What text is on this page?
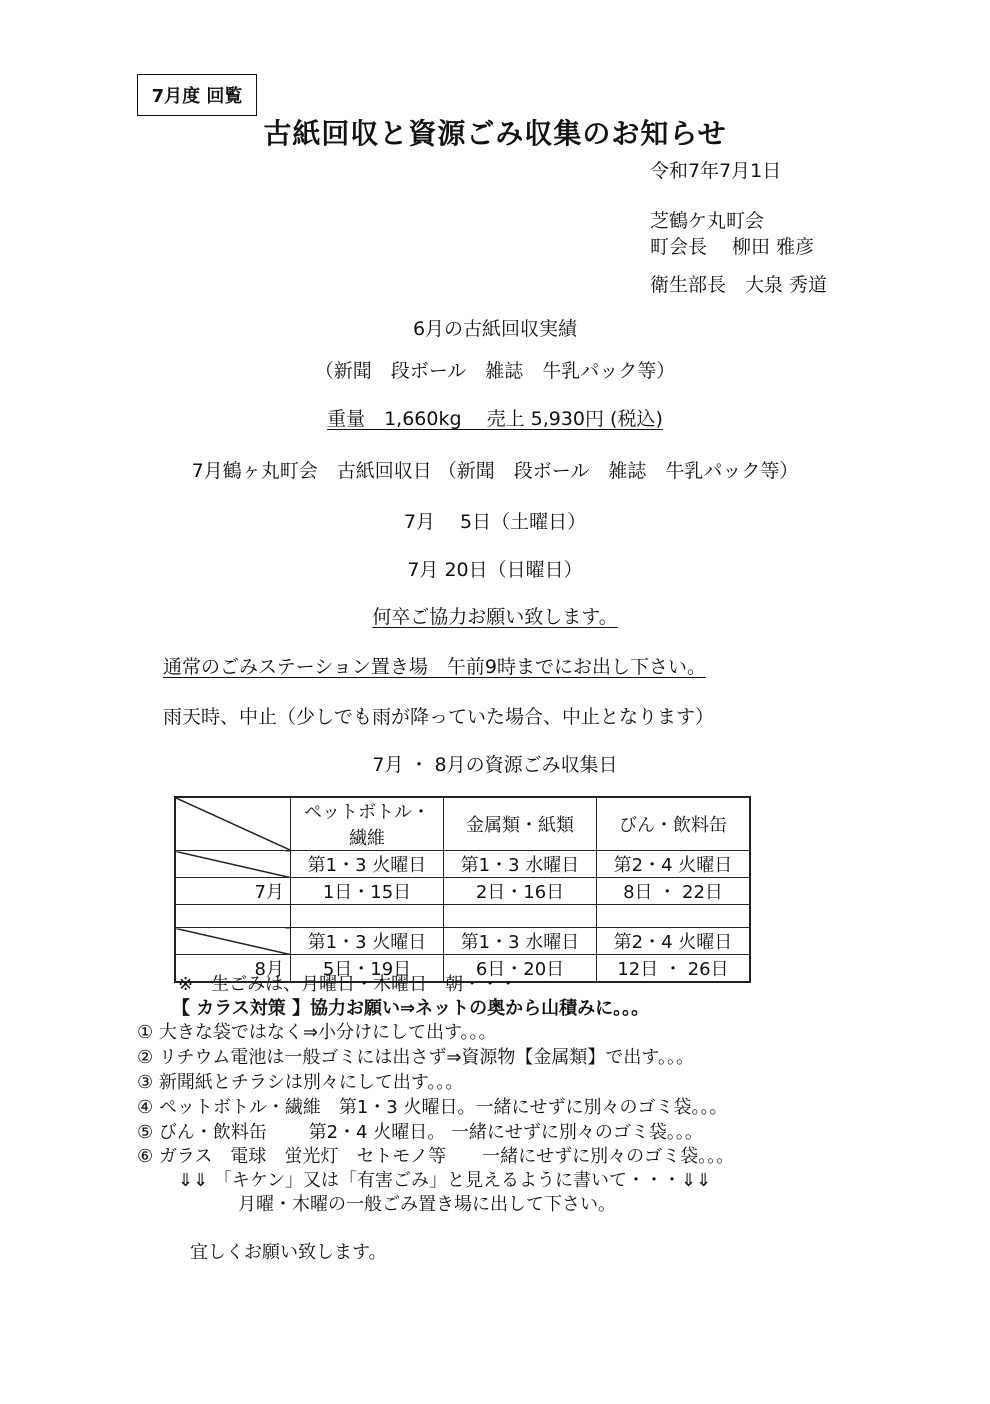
7月度 回覧
古紙回収と資源ごみ収集のお知らせ
令和7年7月1日
芝鶴ケ丸町会
町会長　 柳田 雅彦
衛生部長　大泉 秀道
6月の古紙回収実績
（新聞　段ボール　雑誌　牛乳パック等）
重量　1,660kg　 売上 5,930円 (税込)
7月鶴ヶ丸町会　古紙回収日 （新聞　段ボール　雑誌　牛乳パック等）
7月　 5日（土曜日）
7月 20日（日曜日）
何卒ご協力お願い致します。
通常のごみステーション置き場　午前9時までにお出し下さい。
雨天時、中止（少しでも雨が降っていた場合、中止となります）
7月 ・ 8月の資源ごみ収集日
	ペットボトル・繊維	金属類・紙類	びん・飲料缶
	第1・3 火曜日	第1・3 水曜日	第2・4 火曜日
7月	1日・15日	2日・16日	8日 ・ 22日

	第1・3 火曜日	第1・3 水曜日	第2・4 火曜日
8月	5日・19日	6日・20日	12日 ・ 26日
※　生ごみは、月曜日・木曜日　朝・・・
【 カラス対策 】協力お願い⇒ネットの奥から山積みに。。。
① 大きな袋ではなく⇒小分けにして出す。。。
② リチウム電池は一般ゴミには出さず⇒資源物【金属類】で出す。。。
③ 新聞紙とチラシは別々にして出す。。。
④ ペットボトル・繊維　第1・3 火曜日。一緒にせずに別々のゴミ袋。。。
⑤ びん・飲料缶　　 第2・4 火曜日。 一緒にせずに別々のゴミ袋。。。
⑥ ガラス　電球　蛍光灯　セトモノ等　　一緒にせずに別々のゴミ袋。。。
⇓⇓ 「キケン」又は「有害ごみ」と見えるように書いて・・・⇓⇓
月曜・木曜の一般ごみ置き場に出して下さい。
宜しくお願い致します。
